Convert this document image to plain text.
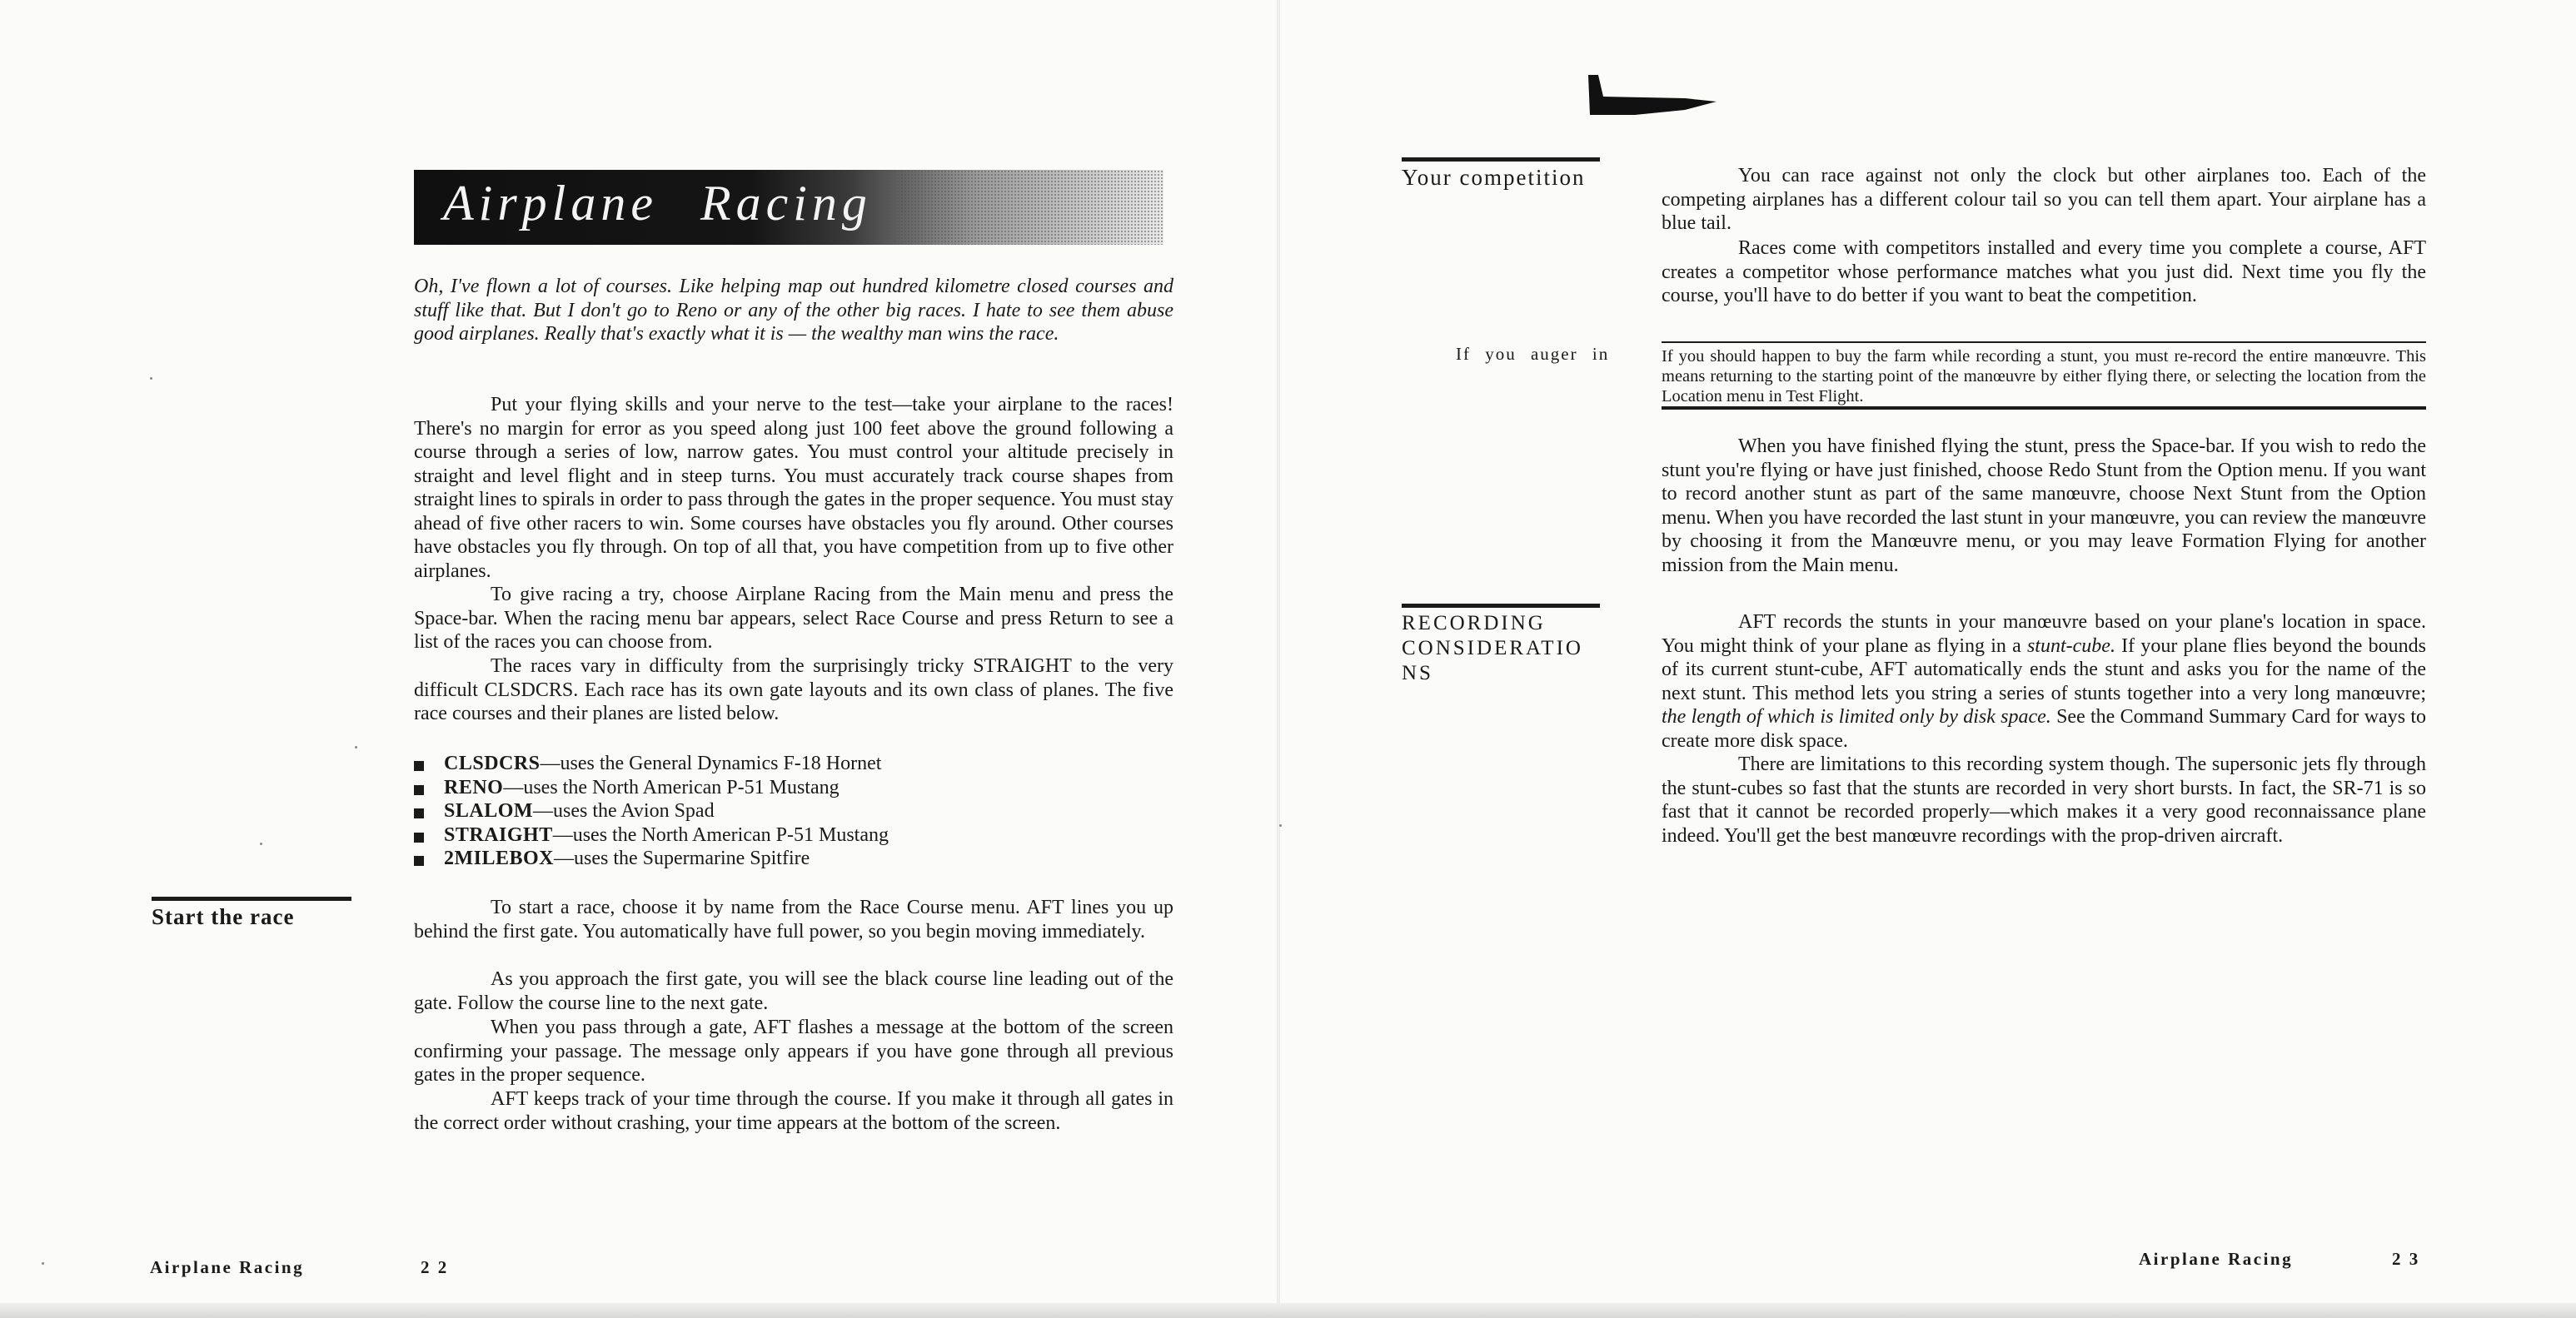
Airplane Racing
Oh, I've flown a lot of courses. Like helping map out hundred kilometre closed courses and stuff like that. But I don't go to Reno or any of the other big races. I hate to see them abuse good airplanes. Really that's exactly what it is — the wealthy man wins the race.
Put your flying skills and your nerve to the test—take your airplane to the races! There's no margin for error as you speed along just 100 feet above the ground following a course through a series of low, narrow gates. You must control your altitude precisely in straight and level flight and in steep turns. You must accurately track course shapes from straight lines to spirals in order to pass through the gates in the proper sequence. You must stay ahead of five other racers to win. Some courses have obstacles you fly around. Other courses have obstacles you fly through. On top of all that, you have competition from up to five other airplanes.
To give racing a try, choose Airplane Racing from the Main menu and press the Space-bar. When the racing menu bar appears, select Race Course and press Return to see a list of the races you can choose from.
The races vary in difficulty from the surprisingly tricky STRAIGHT to the very difficult CLSDCRS. Each race has its own gate layouts and its own class of planes. The five race courses and their planes are listed below.
CLSDCRS—uses the General Dynamics F-18 Hornet
RENO—uses the North American P-51 Mustang
SLALOM—uses the Avion Spad
STRAIGHT—uses the North American P-51 Mustang
2MILEBOX—uses the Supermarine Spitfire
Start the race	To start a race, choose it by name from the Race Course menu. AFT lines you up behind the first gate. You automatically have full power, so you begin moving immediately.
As you approach the first gate, you will see the black course line leading out of the gate. Follow the course line to the next gate.
When you pass through a gate, AFT flashes a message at the bottom of the screen confirming your passage. The message only appears if you have gone through all previous gates in the proper sequence.
AFT keeps track of your time through the course. If you make it through all gates in the correct order without crashing, your time appears at the bottom of the screen.
Airplane Racing	2 2
Your competition	You can race against not only the clock but other airplanes too. Each of the competing airplanes has a different colour tail so you can tell them apart. Your airplane has a blue tail.
Races come with competitors installed and every time you complete a course, AFT creates a competitor whose performance matches what you just did. Next time you fly the course, you'll have to do better if you want to beat the competition.
If you auger in	If you should happen to buy the farm while recording a stunt, you must re-record the entire manœuvre. This means returning to the starting point of the manœuvre by either flying there, or selecting the location from the Location menu in Test Flight.
When you have finished flying the stunt, press the Space-bar. If you wish to redo the stunt you're flying or have just finished, choose Redo Stunt from the Option menu. If you want to record another stunt as part of the same manœuvre, choose Next Stunt from the Option menu. When you have recorded the last stunt in your manœuvre, you can review the manœuvre by choosing it from the Manœuvre menu, or you may leave Formation Flying for another mission from the Main menu.
RECORDING
CONSIDERATIO
NS
AFT records the stunts in your manœuvre based on your plane's location in space. You might think of your plane as flying in a stunt-cube. If your plane flies beyond the bounds of its current stunt-cube, AFT automatically ends the stunt and asks you for the name of the next stunt. This method lets you string a series of stunts together into a very long manœuvre; the length of which is limited only by disk space. See the Command Summary Card for ways to create more disk space.
There are limitations to this recording system though. The supersonic jets fly through the stunt-cubes so fast that the stunts are recorded in very short bursts. In fact, the SR-71 is so fast that it cannot be recorded properly—which makes it a very good reconnaissance plane indeed. You'll get the best manœuvre recordings with the prop-driven aircraft.
Airplane Racing	2 3
